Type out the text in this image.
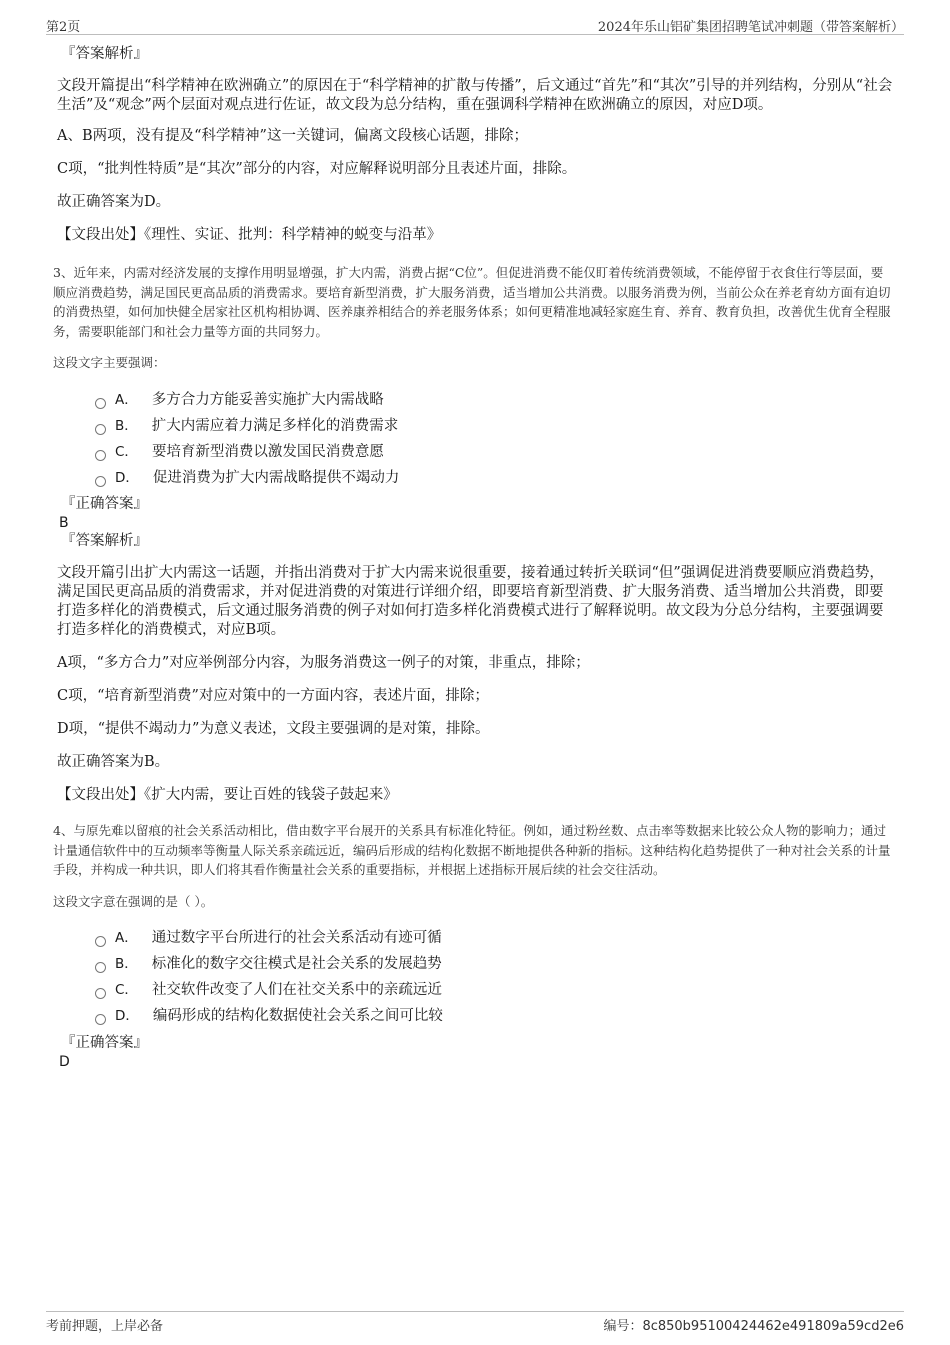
第2页	2024年乐山铝矿集团招聘笔试冲刺题（带答案解析）
『答案解析』

文段开篇提出“科学精神在欧洲确立”的原因在于“科学精神的扩散与传播”，后文通过“首先”和“其次”引导的并列结构，分别从“社会生活”及“观念”两个层面对观点进行佐证，故文段为总分结构，重在强调科学精神在欧洲确立的原因，对应D项。

A、B两项，没有提及“科学精神”这一关键词，偏离文段核心话题，排除；

C项，“批判性特质”是“其次”部分的内容，对应解释说明部分且表述片面，排除。

故正确答案为D。

【文段出处】《理性、实证、批判：科学精神的蜕变与沿革》

3、近年来，内需对经济发展的支撑作用明显增强，扩大内需，消费占据“C位”。但促进消费不能仅盯着传统消费领域，不能停留于衣食住行等层面，要顺应消费趋势，满足国民更高品质的消费需求。要培育新型消费，扩大服务消费，适当增加公共消费。以服务消费为例，当前公众在养老育幼方面有迫切的消费热望，如何加快健全居家社区机构相协调、医养康养相结合的养老服务体系；如何更精准地减轻家庭生育、养育、教育负担，改善优生优育全程服务，需要职能部门和社会力量等方面的共同努力。

这段文字主要强调：

A． 多方合力方能妥善实施扩大内需战略
B． 扩大内需应着力满足多样化的消费需求
C． 要培育新型消费以激发国民消费意愿
D． 促进消费为扩大内需战略提供不竭动力
『正确答案』
B
『答案解析』

文段开篇引出扩大内需这一话题，并指出消费对于扩大内需来说很重要，接着通过转折关联词“但”强调促进消费要顺应消费趋势，满足国民更高品质的消费需求，并对促进消费的对策进行详细介绍，即要培育新型消费、扩大服务消费、适当增加公共消费，即要打造多样化的消费模式，后文通过服务消费的例子对如何打造多样化消费模式进行了解释说明。故文段为分总分结构，主要强调要打造多样化的消费模式，对应B项。

A项，“多方合力”对应举例部分内容，为服务消费这一例子的对策，非重点，排除；

C项，“培育新型消费”对应对策中的一方面内容，表述片面，排除；

D项，“提供不竭动力”为意义表述，文段主要强调的是对策，排除。

故正确答案为B。

【文段出处】《扩大内需，要让百姓的钱袋子鼓起来》

4、与原先难以留痕的社会关系活动相比，借由数字平台展开的关系具有标准化特征。例如，通过粉丝数、点击率等数据来比较公众人物的影响力；通过计量通信软件中的互动频率等衡量人际关系亲疏远近，编码后形成的结构化数据不断地提供各种新的指标。这种结构化趋势提供了一种对社会关系的计量手段，并构成一种共识，即人们将其看作衡量社会关系的重要指标，并根据上述指标开展后续的社会交往活动。

这段文字意在强调的是（ ）。

A． 通过数字平台所进行的社会关系活动有迹可循
B． 标准化的数字交往模式是社会关系的发展趋势
C． 社交软件改变了人们在社交关系中的亲疏远近
D． 编码形成的结构化数据使社会关系之间可比较
『正确答案』
D
考前押题，上岸必备	编号：8c850b95100424462e491809a59cd2e6
